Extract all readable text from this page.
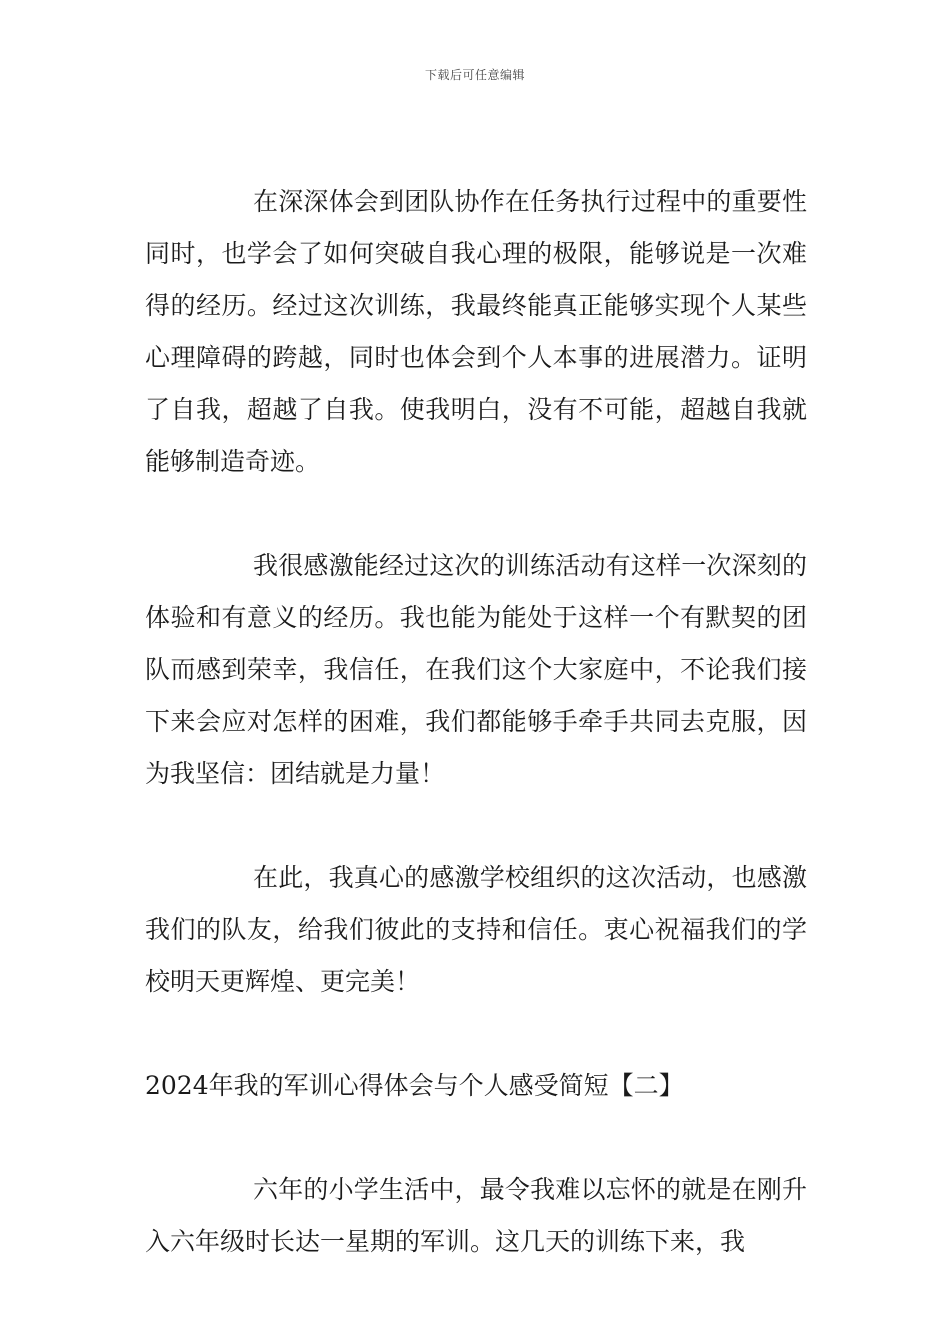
下载后可任意编辑

在深深体会到团队协作在任务执行过程中的重要性同时，也学会了如何突破自我心理的极限，能够说是一次难得的经历。经过这次训练，我最终能真正能够实现个人某些心理障碍的跨越，同时也体会到个人本事的进展潜力。证明了自我，超越了自我。使我明白，没有不可能，超越自我就能够制造奇迹。

我很感激能经过这次的训练活动有这样一次深刻的体验和有意义的经历。我也能为能处于这样一个有默契的团队而感到荣幸，我信任，在我们这个大家庭中，不论我们接下来会应对怎样的困难，我们都能够手牵手共同去克服，因为我坚信：团结就是力量！

在此，我真心的感激学校组织的这次活动，也感激我们的队友，给我们彼此的支持和信任。衷心祝福我们的学校明天更辉煌、更完美！

2024年我的军训心得体会与个人感受简短【二】

六年的小学生活中，最令我难以忘怀的就是在刚升入六年级时长达一星期的军训。这几天的训练下来，我
